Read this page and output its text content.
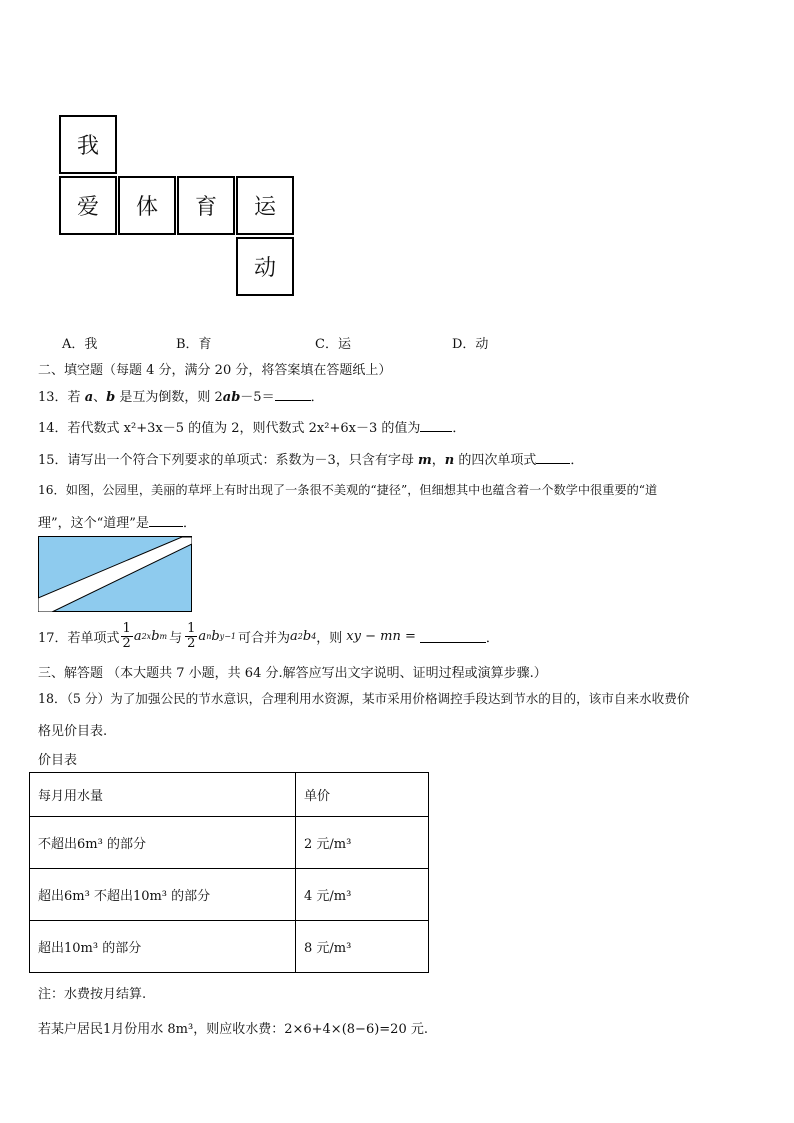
我
爱	体	育	运
动
A．我	B．育	C．运	D．动
二、填空题（每题 4 分，满分 20 分，将答案填在答题纸上）
13．若 a、b 是互为倒数，则 2ab－5＝	．
14．若代数式 x²+3x－5 的值为 2，则代数式 2x²+6x－3 的值为 ．
15．请写出一个符合下列要求的单项式：系数为－3，只含有字母 m，n 的四次单项式	．
16．如图，公园里，美丽的草坪上有时出现了一条很不美观的“捷径”，但细想其中也蕴含着一个数学中很重要的“道
理”，这个“道理”是	．
17．若单项式 $\frac{1}{2}$ a 2x b m 与 $\frac{1}{2}$ a n b y−1 可合并为 a 2 b 4 ，则 xy − mn =	．
三、解答题 （本大题共 7 小题，共 64 分.解答应写出文字说明、证明过程或演算步骤.）
18．（5 分）为了加强公民的节水意识，合理利用水资源，某市采用价格调控手段达到节水的目的，该市自来水收费价
格见价目表.
价目表
每月用水量	单价
不超出6m³ 的部分	2 元/m³
超出6m³ 不超出10m³ 的部分	4 元/m³
超出10m³ 的部分	8 元/m³
注：水费按月结算.
若某户居民1月份用水 8m³，则应收水费：2×6+4×(8−6)=20 元.
